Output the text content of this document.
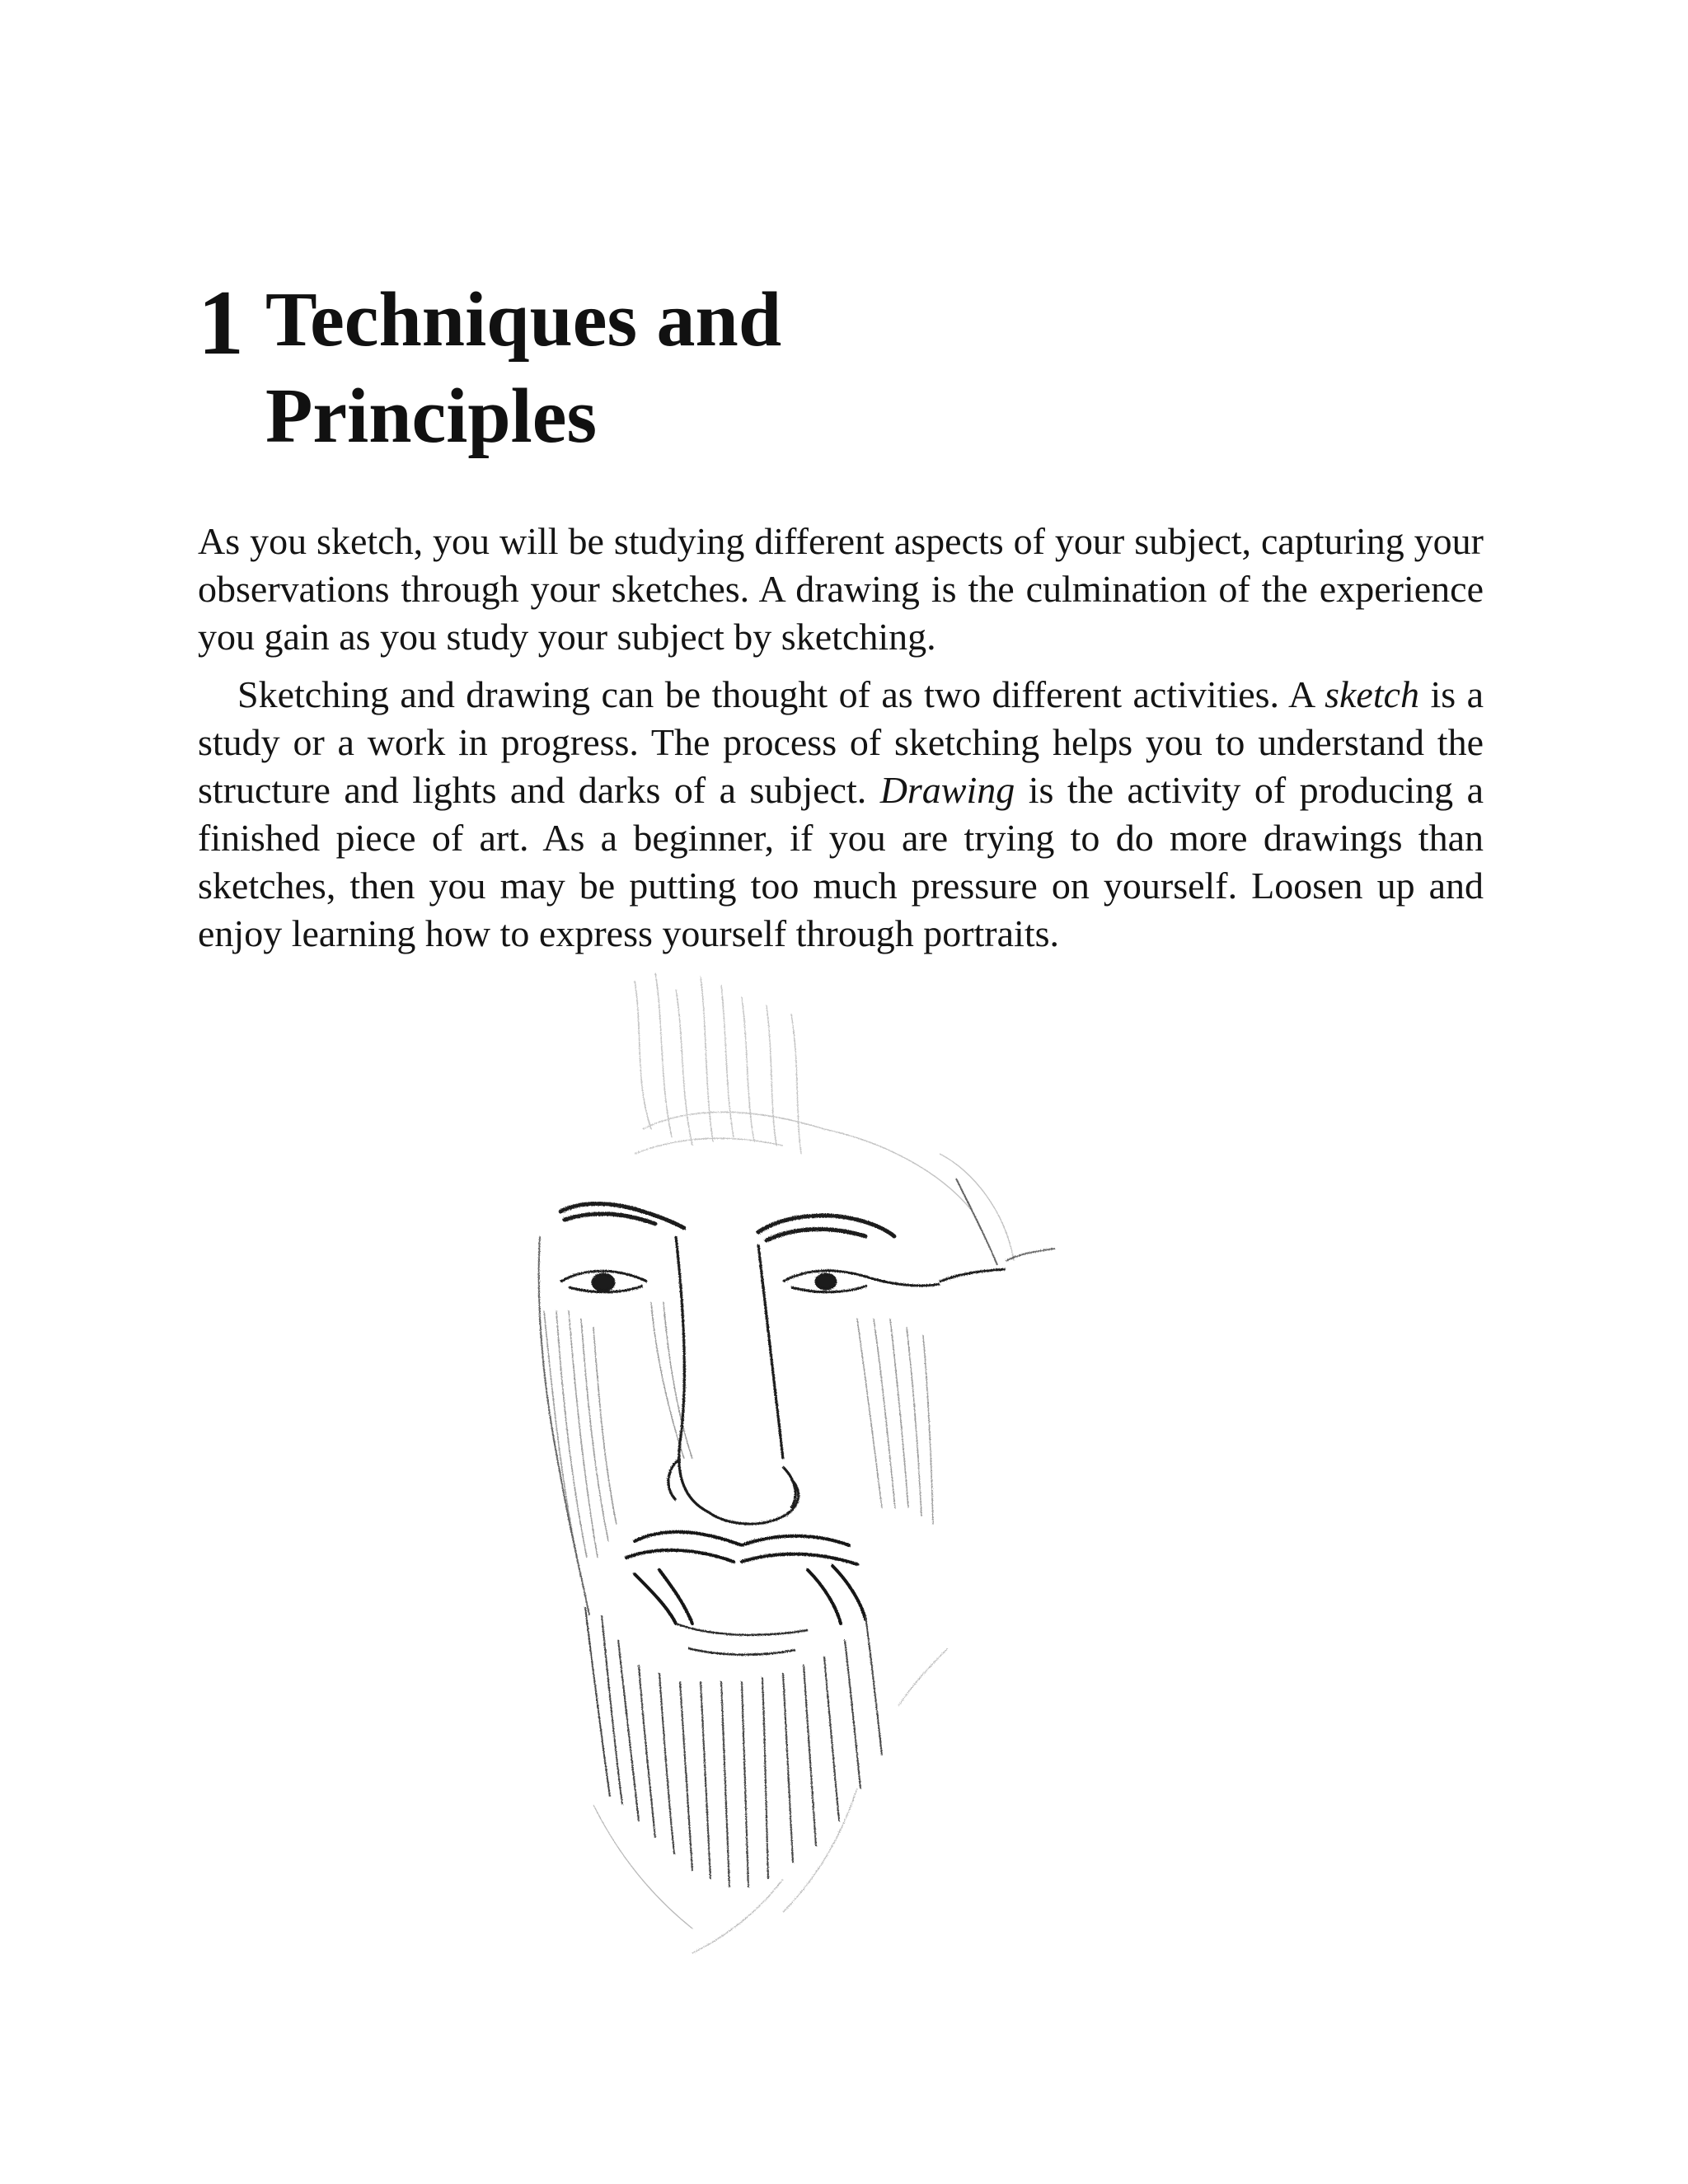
1 Techniques and
Principles

As you sketch, you will be studying different aspects of your subject, capturing your observations through your sketches. A drawing is the culmination of the experience you gain as you study your subject by sketching.

Sketching and drawing can be thought of as two different activities. A sketch is a study or a work in progress. The process of sketching helps you to understand the structure and lights and darks of a subject. Drawing is the activity of producing a finished piece of art. As a beginner, if you are trying to do more drawings than sketches, then you may be putting too much pressure on yourself. Loosen up and enjoy learning how to express yourself through portraits.
